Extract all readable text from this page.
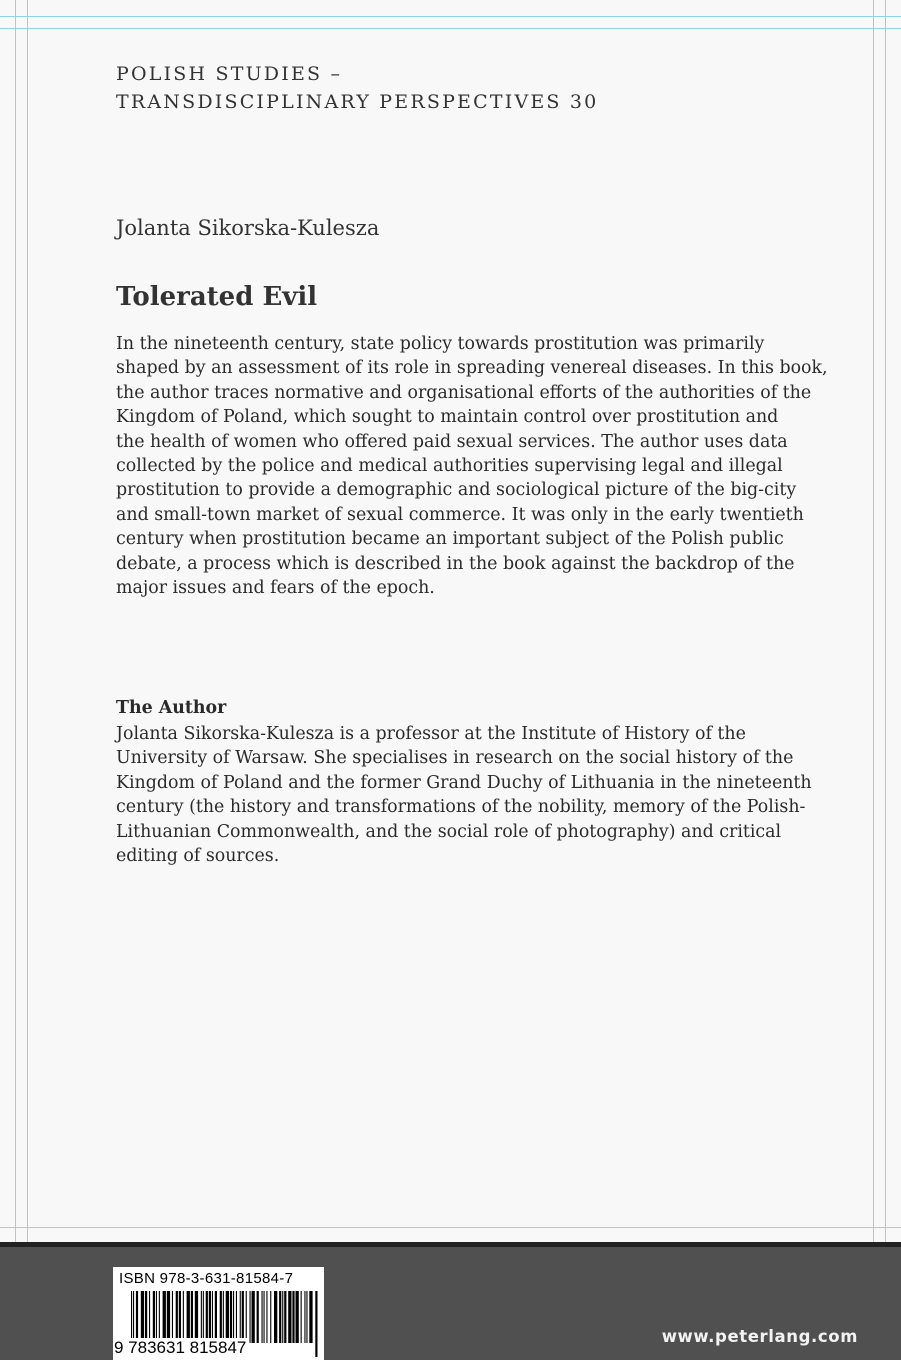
POLISH STUDIES –
TRANSDISCIPLINARY PERSPECTIVES 30
Jolanta Sikorska-Kulesza
Tolerated Evil
In the nineteenth century, state policy towards prostitution was primarily
shaped by an assessment of its role in spreading venereal diseases. In this book,
the author traces normative and organisational efforts of the authorities of the
Kingdom of Poland, which sought to maintain control over prostitution and
the health of women who offered paid sexual services. The author uses data
collected by the police and medical authorities supervising legal and illegal
prostitution to provide a demographic and sociological picture of the big-city
and small-town market of sexual commerce. It was only in the early twentieth
century when prostitution became an important subject of the Polish public
debate, a process which is described in the book against the backdrop of the
major issues and fears of the epoch.
The Author
Jolanta Sikorska-Kulesza is a professor at the Institute of History of the
University of Warsaw. She specialises in research on the social history of the
Kingdom of Poland and the former Grand Duchy of Lithuania in the nineteenth
century (the history and transformations of the nobility, memory of the Polish-
Lithuanian Commonwealth, and the social role of photography) and critical
editing of sources.
ISBN 978-3-631-81584-7
9 783631 815847
www.peterlang.com
